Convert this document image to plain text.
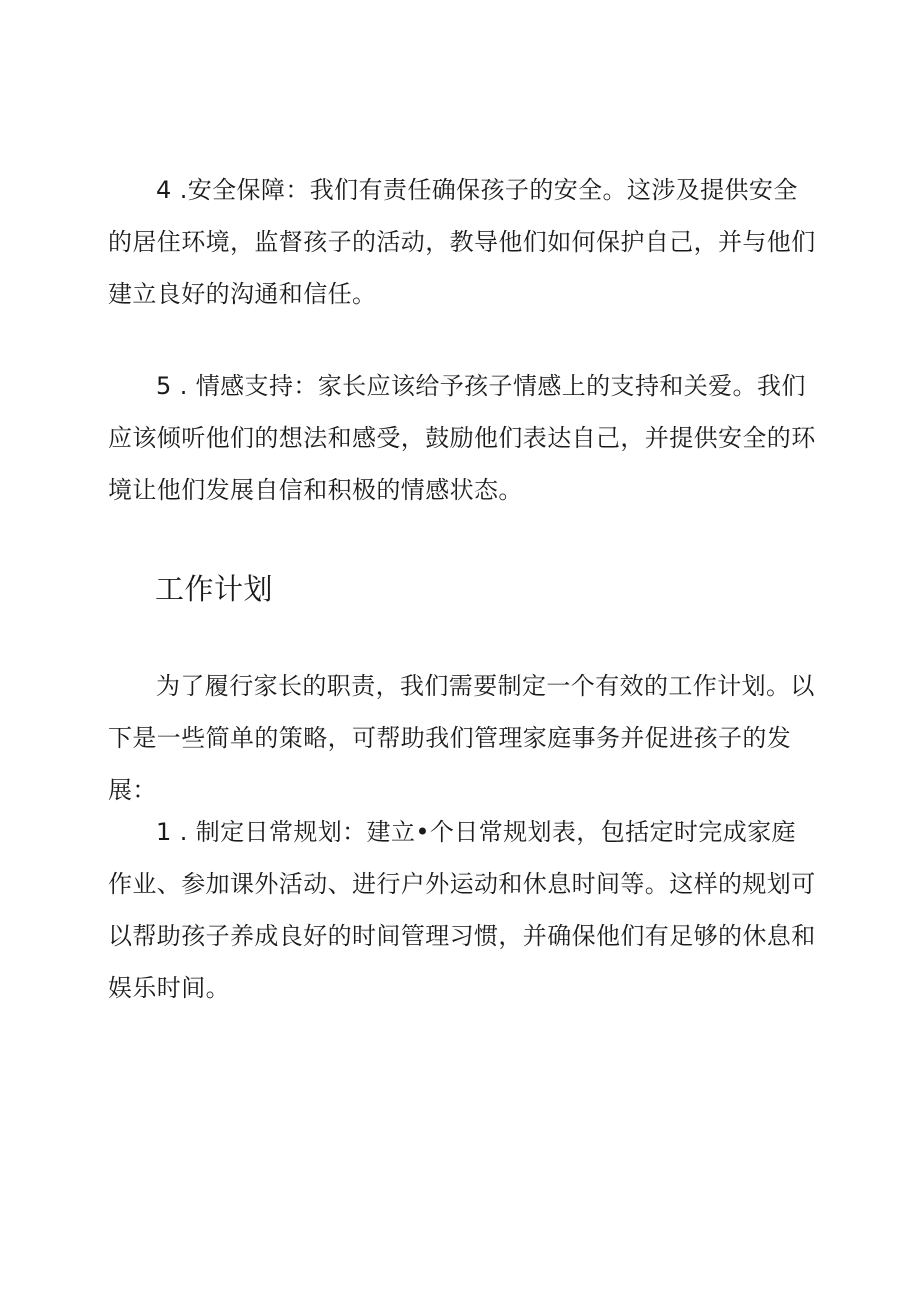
4 .安全保障：我们有责任确保孩子的安全。这涉及提供安全的居住环境，监督孩子的活动，教导他们如何保护自己，并与他们建立良好的沟通和信任。

5 . 情感支持：家长应该给予孩子情感上的支持和关爱。我们应该倾听他们的想法和感受，鼓励他们表达自己，并提供安全的环境让他们发展自信和积极的情感状态。

工作计划

为了履行家长的职责，我们需要制定一个有效的工作计划。以下是一些简单的策略，可帮助我们管理家庭事务并促进孩子的发展：

1 . 制定日常规划：建立•个日常规划表，包括定时完成家庭作业、参加课外活动、进行户外运动和休息时间等。这样的规划可以帮助孩子养成良好的时间管理习惯，并确保他们有足够的休息和娱乐时间。
